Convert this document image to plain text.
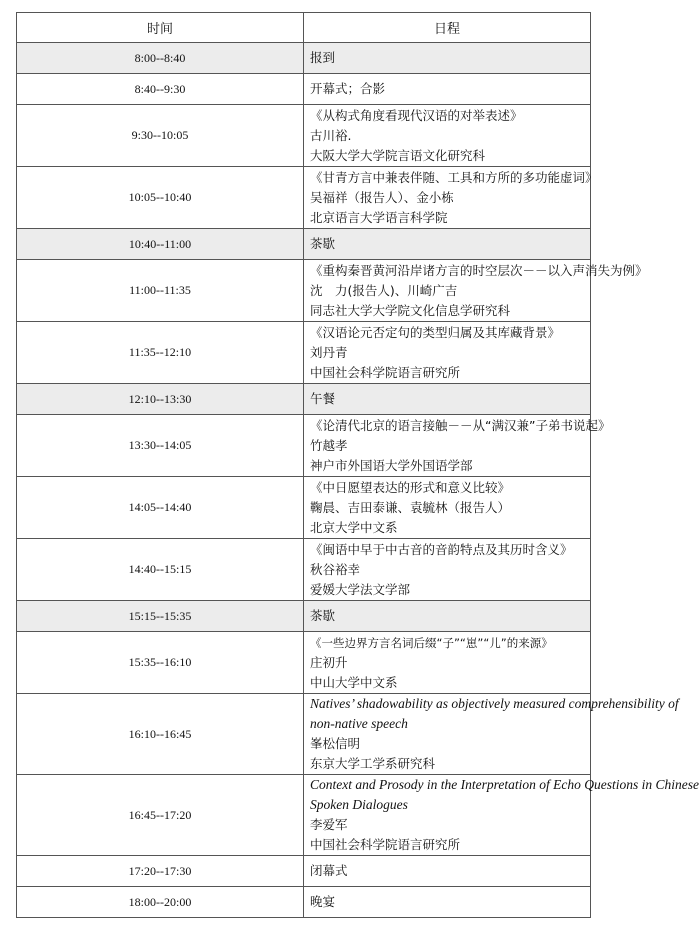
时间	日程
8:00--8:40	报到

8:40--9:30	开幕式；合影

9:30--10:05	《从构式角度看现代汉语的对举表述》
古川裕.
大阪大学大学院言语文化研究科

10:05--10:40	《甘青方言中兼表伴随、工具和方所的多功能虚词》
吴福祥（报告人）、金小栋
北京语言大学语言科学院

10:40--11:00	茶歇

11:00--11:35	《重构秦晋黄河沿岸诸方言的时空层次－－以入声消失为例》
沈　力(报告人)、川崎广吉
同志社大学大学院文化信息学研究科

11:35--12:10	《汉语论元否定句的类型归属及其库藏背景》
刘丹青
中国社会科学院语言研究所

12:10--13:30	午餐

13:30--14:05	《论清代北京的语言接触－－从“满汉兼”子弟书说起》
竹越孝
神户市外国语大学外国语学部

14:05--14:40	《中日愿望表达的形式和意义比较》
鞠晨、吉田泰谦、袁毓林（报告人）
北京大学中文系

14:40--15:15	《闽语中早于中古音的音韵特点及其历时含义》
秋谷裕幸
爱媛大学法文学部

15:15--15:35	茶歇

15:35--16:10	《一些边界方言名词后缀“子”“崽”“儿”的来源》
庄初升
中山大学中文系

16:10--16:45	Natives’ shadowability as objectively measured comprehensibility of
non-native speech
峯松信明
东京大学工学系研究科

16:45--17:20	Context and Prosody in the Interpretation of Echo Questions in Chinese
Spoken Dialogues
李爱军
中国社会科学院语言研究所

17:20--17:30	闭幕式

18:00--20:00	晚宴
